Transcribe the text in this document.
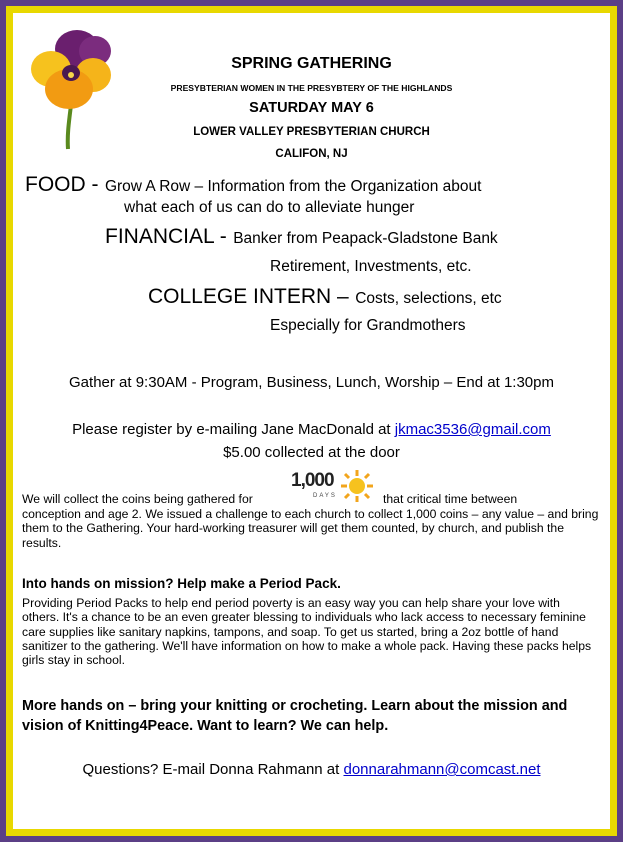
SPRING GATHERING
PRESYBTERIAN WOMEN IN THE PRESYBTERY OF THE HIGHLANDS
SATURDAY MAY 6
LOWER VALLEY PRESBYTERIAN CHURCH
CALIFON, NJ
FOOD - Grow A Row – Information from the Organization about
what each of us can do to alleviate hunger
FINANCIAL - Banker from Peapack-Gladstone Bank
Retirement, Investments, etc.
COLLEGE INTERN – Costs, selections, etc
Especially for Grandmothers
Gather at 9:30AM - Program, Business, Lunch, Worship – End at 1:30pm
Please register by e-mailing Jane MacDonald at jkmac3536@gmail.com
$5.00 collected at the door
We will collect the coins being gathered for
1,000
DAYS	that critical time between
conception and age 2. We issued a challenge to each church to collect 1,000 coins – any value – and bring them to the Gathering. Your hard-working treasurer will get them counted, by church, and publish the results.
Into hands on mission? Help make a Period Pack.
Providing Period Packs to help end period poverty is an easy way you can help share your love with others. It's a chance to be an even greater blessing to individuals who lack access to necessary feminine care supplies like sanitary napkins, tampons, and soap. To get us started, bring a 2oz bottle of hand sanitizer to the gathering. We'll have information on how to make a whole pack. Having these packs helps girls stay in school.
More hands on – bring your knitting or crocheting. Learn about the mission and vision of Knitting4Peace. Want to learn? We can help.
Questions? E-mail Donna Rahmann at donnarahmann@comcast.net
